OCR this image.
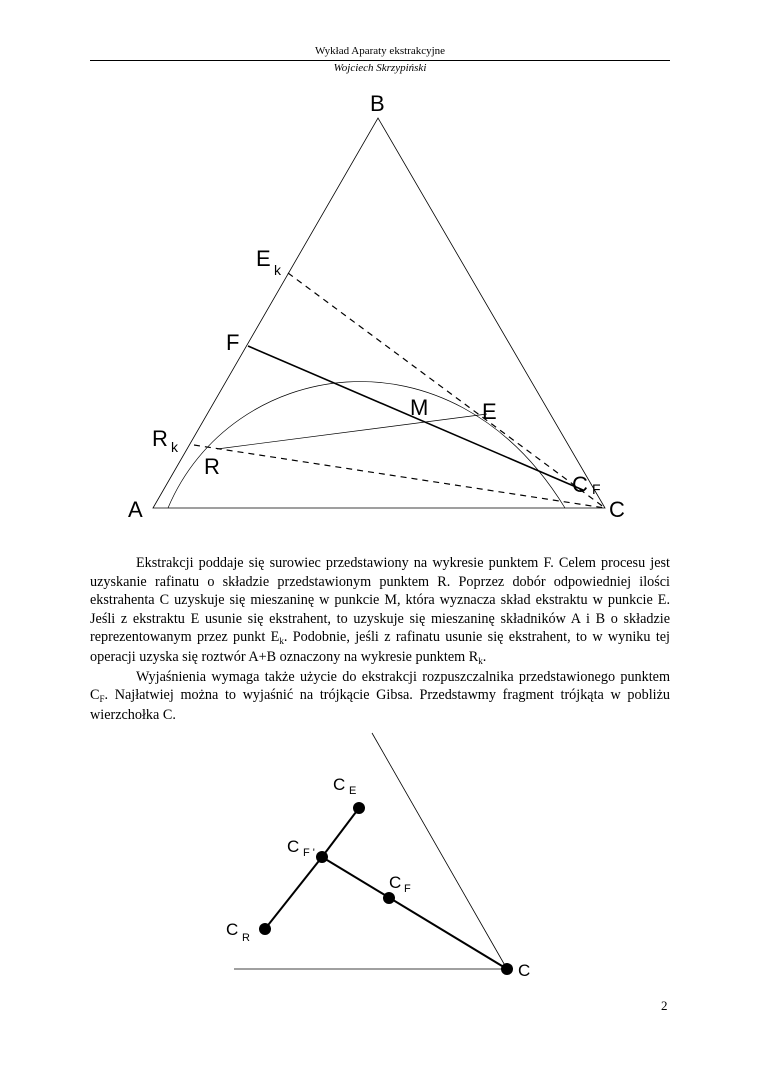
Wykład Aparaty ekstrakcyjne
Wojciech Skrzypiński
B
A	C
F
M E
R
E k
R k
C F

Ekstrakcji poddaje się surowiec przedstawiony na wykresie punktem F. Celem procesu jest uzyskanie rafinatu o składzie przedstawionym punktem R. Poprzez dobór odpowiedniej ilości ekstrahenta C uzyskuje się mieszaninę w punkcie M, która wyznacza skład ekstraktu w punkcie E. Jeśli z ekstraktu E usunie się ekstrahent, to uzyskuje się mieszaninę składników A i B o składzie reprezentowanym przez punkt $E_k$. Podobnie, jeśli z rafinatu usunie się ekstrahent, to w wyniku tej operacji uzyska się roztwór A+B oznaczony na wykresie punktem $R_k$.

Wyjaśnienia wymaga także użycie do ekstrakcji rozpuszczalnika przedstawionego punktem $C_F$. Najłatwiej można to wyjaśnić na trójkącie Gibsa. Przedstawmy fragment trójkąta w pobliżu wierzchołka C.

C E
C F '
C F
C R
C
2
